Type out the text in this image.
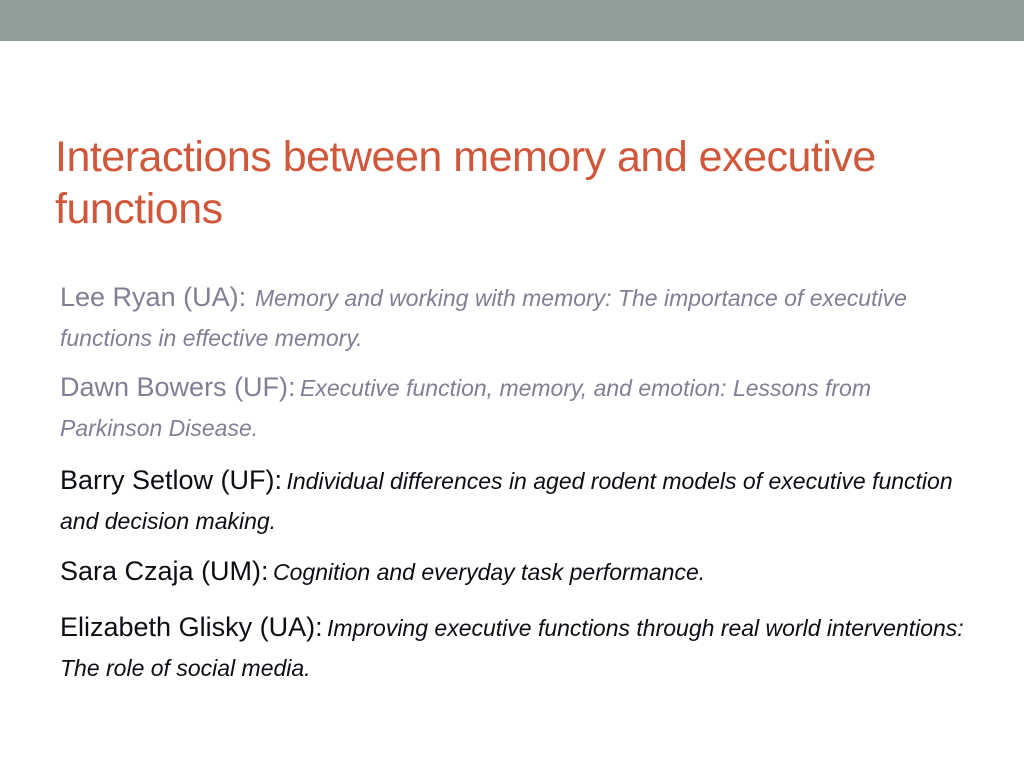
Interactions between memory and executive functions
Lee Ryan (UA): Memory and working with memory: The importance of executive functions in effective memory.
Dawn Bowers (UF): Executive function, memory, and emotion: Lessons from Parkinson Disease.
Barry Setlow (UF): Individual differences in aged rodent models of executive function and decision making.
Sara Czaja (UM): Cognition and everyday task performance.
Elizabeth Glisky (UA): Improving executive functions through real world interventions: The role of social media.
